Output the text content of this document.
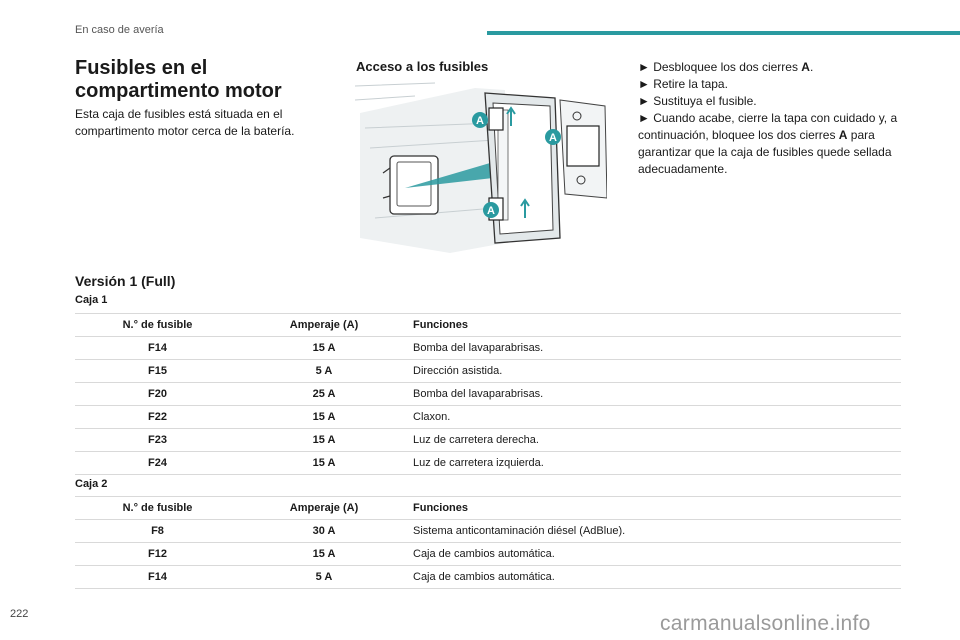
En caso de avería
Fusibles en el compartimento motor

Esta caja de fusibles está situada en el compartimento motor cerca de la batería.

Acceso a los fusibles
A
A
A
► Desbloquee los dos cierres A.
► Retire la tapa.
► Sustituya el fusible.
► Cuando acabe, cierre la tapa con cuidado y, a continuación, bloquee los dos cierres A para garantizar que la caja de fusibles quede sellada adecuadamente.
Versión 1 (Full)
Caja 1
N.° de fusible	Amperaje (A)	Funciones
F14	15 A	Bomba del lavaparabrisas.
F15	5 A	Dirección asistida.
F20	25 A	Bomba del lavaparabrisas.
F22	15 A	Claxon.
F23	15 A	Luz de carretera derecha.
F24	15 A	Luz de carretera izquierda.
Caja 2
N.° de fusible	Amperaje (A)	Funciones
F8	30 A	Sistema anticontaminación diésel (AdBlue).
F12	15 A	Caja de cambios automática.
F14	5 A	Caja de cambios automática.
222	carmanualsonline.info
